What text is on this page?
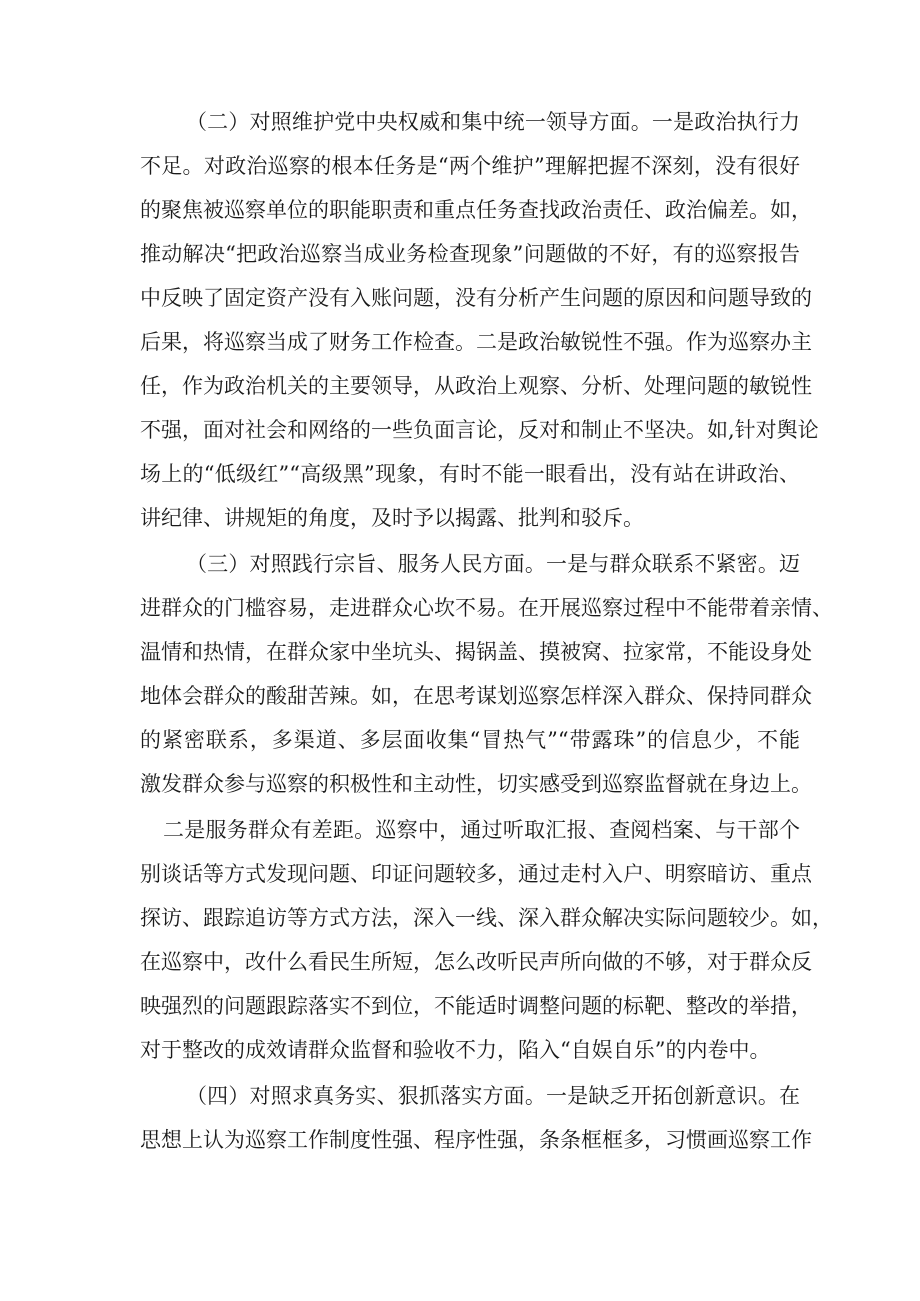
（二）对照维护党中央权威和集中统一领导方面。一是政治执行力
不足。对政治巡察的根本任务是“两个维护”理解把握不深刻，没有很好
的聚焦被巡察单位的职能职责和重点任务查找政治责任、政治偏差。如，
推动解决“把政治巡察当成业务检查现象”问题做的不好，有的巡察报告
中反映了固定资产没有入账问题，没有分析产生问题的原因和问题导致的
后果，将巡察当成了财务工作检查。二是政治敏锐性不强。作为巡察办主
任，作为政治机关的主要领导，从政治上观察、分析、处理问题的敏锐性
不强，面对社会和网络的一些负面言论，反对和制止不坚决。如,针对舆论
场上的“低级红”“高级黑”现象，有时不能一眼看出，没有站在讲政治、
讲纪律、讲规矩的角度，及时予以揭露、批判和驳斥。
（三）对照践行宗旨、服务人民方面。一是与群众联系不紧密。迈
进群众的门槛容易，走进群众心坎不易。在开展巡察过程中不能带着亲情、
温情和热情，在群众家中坐坑头、揭锅盖、摸被窝、拉家常，不能设身处
地体会群众的酸甜苦辣。如，在思考谋划巡察怎样深入群众、保持同群众
的紧密联系，多渠道、多层面收集“冒热气”“带露珠”的信息少，不能
激发群众参与巡察的积极性和主动性，切实感受到巡察监督就在身边上。
二是服务群众有差距。巡察中，通过听取汇报、查阅档案、与干部个
别谈话等方式发现问题、印证问题较多，通过走村入户、明察暗访、重点
探访、跟踪追访等方式方法，深入一线、深入群众解决实际问题较少。如，
在巡察中，改什么看民生所短，怎么改听民声所向做的不够，对于群众反
映强烈的问题跟踪落实不到位，不能适时调整问题的标靶、整改的举措，
对于整改的成效请群众监督和验收不力，陷入“自娱自乐”的内卷中。
（四）对照求真务实、狠抓落实方面。一是缺乏开拓创新意识。在
思想上认为巡察工作制度性强、程序性强，条条框框多，习惯画巡察工作
